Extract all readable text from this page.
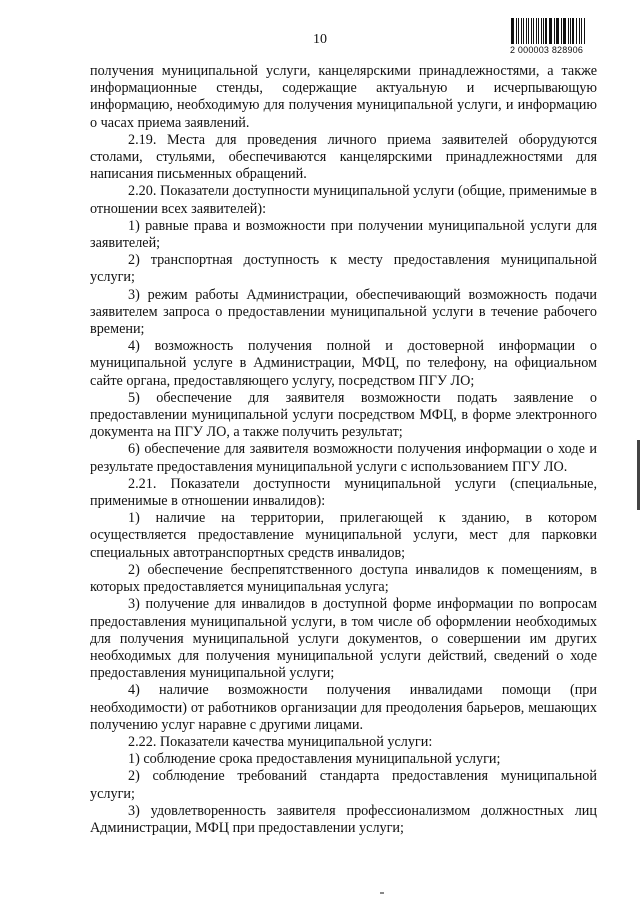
10
2 000003 828906

получения муниципальной услуги, канцелярскими принадлежностями, а также информационные стенды, содержащие актуальную и исчерпывающую информацию, необходимую для получения муниципальной услуги, и информацию о часах приема заявлений.

2.19. Места для проведения личного приема заявителей оборудуются столами, стульями, обеспечиваются канцелярскими принадлежностями для написания письменных обращений.

2.20. Показатели доступности муниципальной услуги (общие, применимые в отношении всех заявителей):

1) равные права и возможности при получении муниципальной услуги для заявителей;

2) транспортная доступность к месту предоставления муниципальной услуги;

3) режим работы Администрации, обеспечивающий возможность подачи заявителем запроса о предоставлении муниципальной услуги в течение рабочего времени;

4) возможность получения полной и достоверной информации о муниципальной услуге в Администрации, МФЦ, по телефону, на официальном сайте органа, предоставляющего услугу, посредством ПГУ ЛО;

5) обеспечение для заявителя возможности подать заявление о предоставлении муниципальной услуги посредством МФЦ, в форме электронного документа на ПГУ ЛО, а также получить результат;

6) обеспечение для заявителя возможности получения информации о ходе и результате предоставления муниципальной услуги с использованием ПГУ ЛО.

2.21. Показатели доступности муниципальной услуги (специальные, применимые в отношении инвалидов):

1) наличие на территории, прилегающей к зданию, в котором осуществляется предоставление муниципальной услуги, мест для парковки специальных автотранспортных средств инвалидов;

2) обеспечение беспрепятственного доступа инвалидов к помещениям, в которых предоставляется муниципальная услуга;

3) получение для инвалидов в доступной форме информации по вопросам предоставления муниципальной услуги, в том числе об оформлении необходимых для получения муниципальной услуги документов, о совершении им других необходимых для получения муниципальной услуги действий, сведений о ходе предоставления муниципальной услуги;

4) наличие возможности получения инвалидами помощи (при необходимости) от работников организации для преодоления барьеров, мешающих получению услуг наравне с другими лицами.

2.22. Показатели качества муниципальной услуги:

1) соблюдение срока предоставления муниципальной услуги;

2) соблюдение требований стандарта предоставления муниципальной услуги;

3) удовлетворенность заявителя профессионализмом должностных лиц Администрации, МФЦ при предоставлении услуги;
